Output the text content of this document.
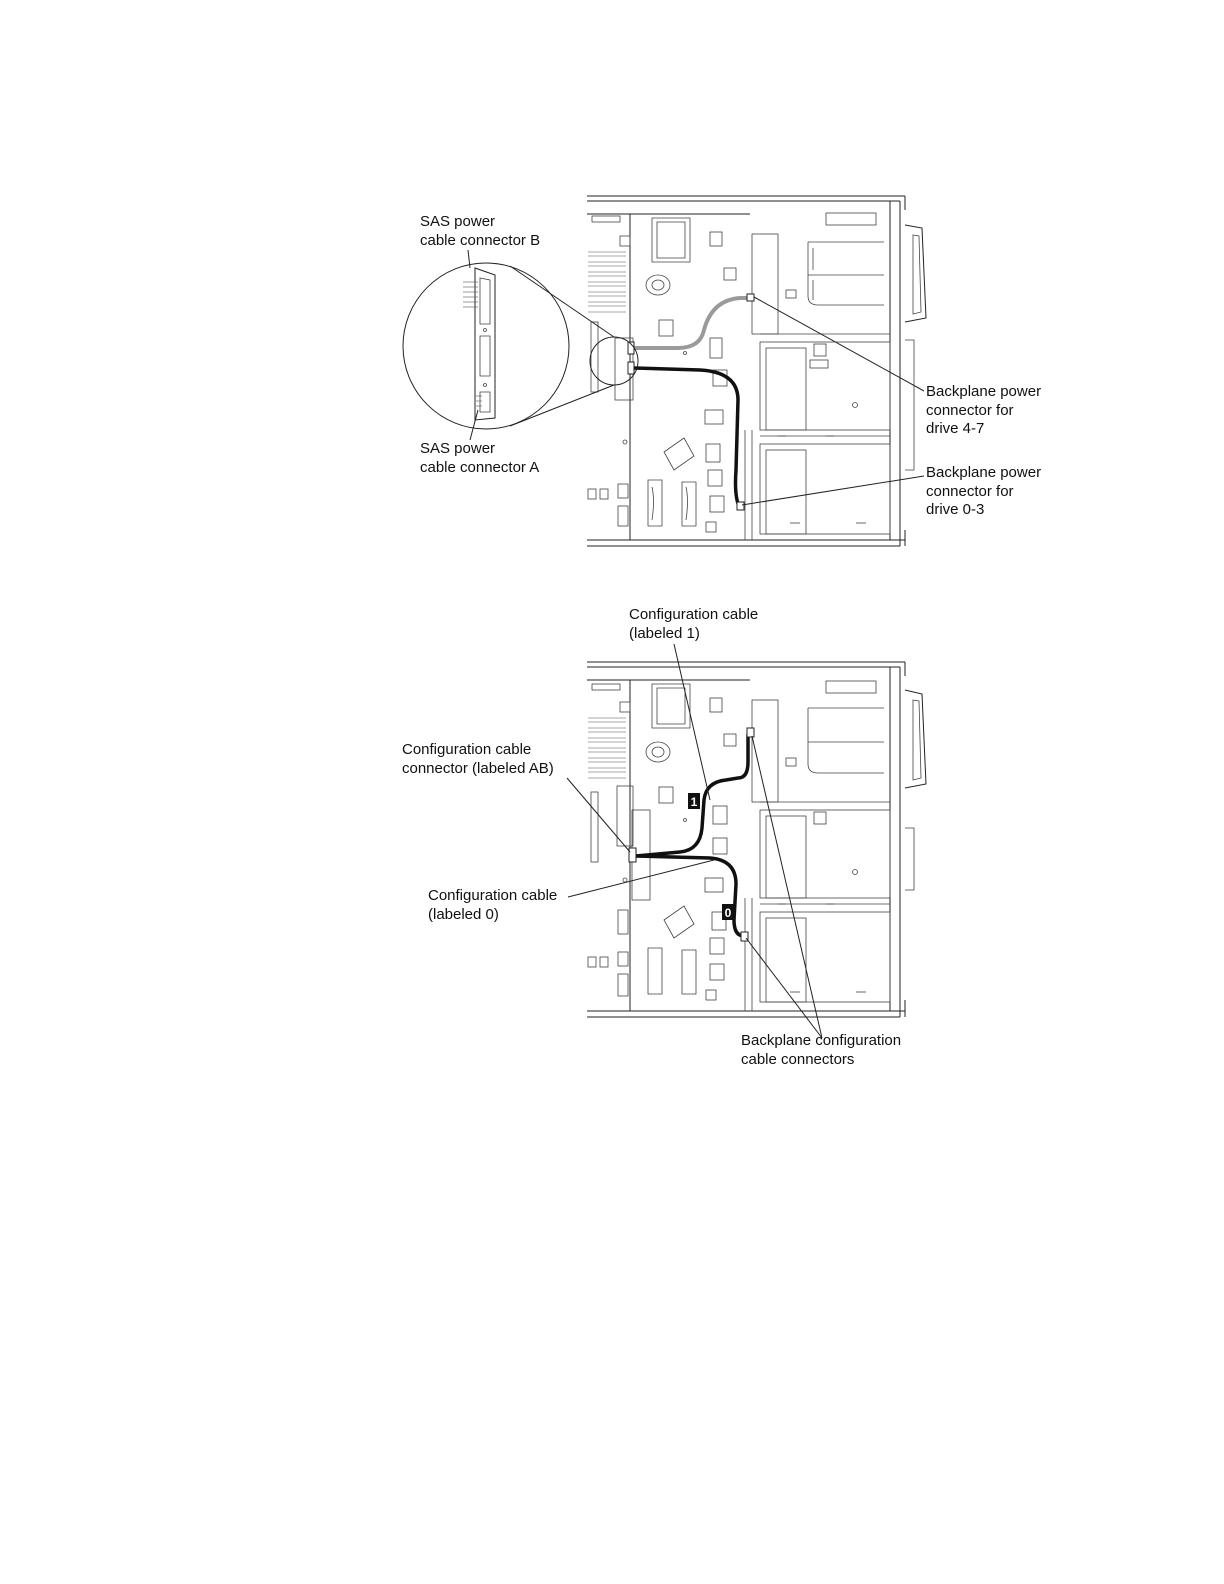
SAS power
cable connector B
SAS power
cable connector A
Backplane power
connector for
drive 4-7
Backplane power
connector for
drive 0-3
1
0
Configuration cable
(labeled 1)
Configuration cable
connector (labeled AB)
Configuration cable
(labeled 0)
Backplane configuration
cable connectors
